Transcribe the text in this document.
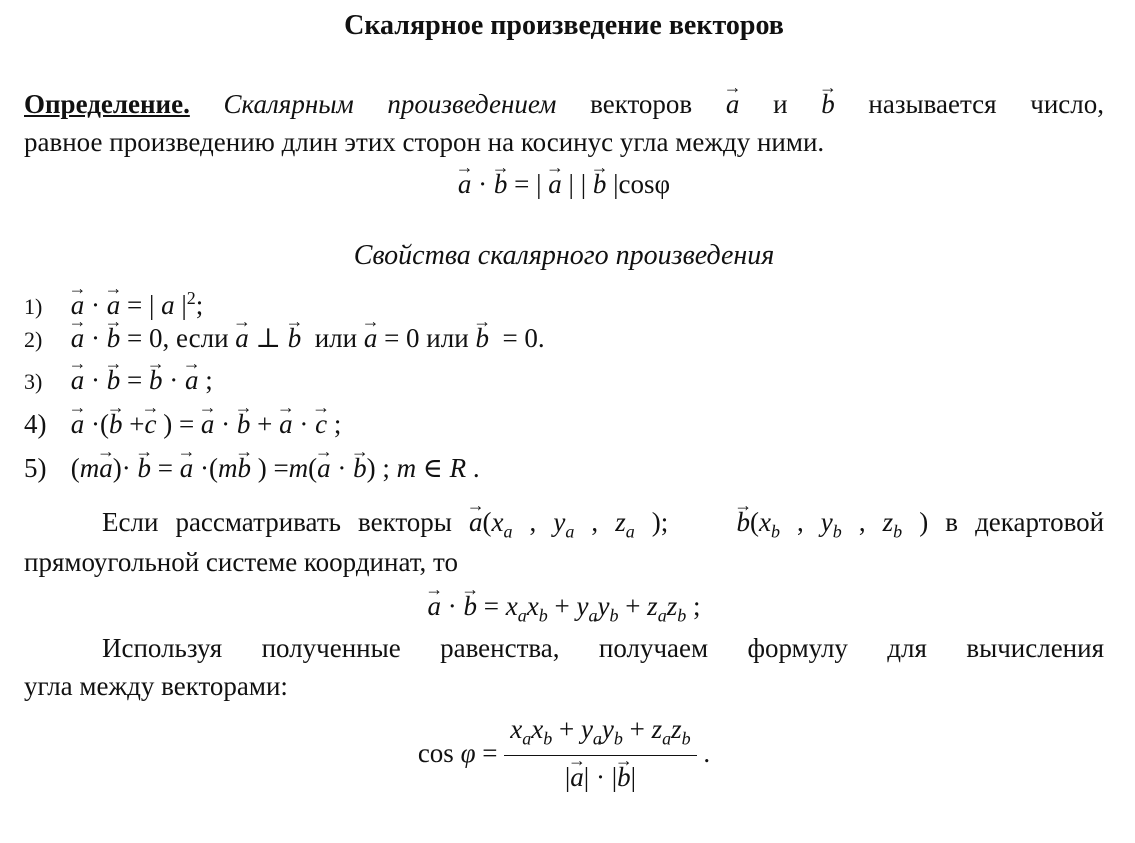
Скалярное произведение векторов
Определение. Скалярным произведением векторов → a и → b называется число,
равное произведению длин этих сторон на косинус угла между ними.
→ a · → b = | → a | | → b |cosφ
Свойства скалярного произведения
1) → a · → a = | a $|^2$;
2) → a · → b = 0, если → a ⊥ → b  или → a = 0 или → b  = 0.
3) → a · → b = → b · → a ;
4) → a ·(→ b +→ c ) = → a · → b + → a · → c ;
5) (m→ a)· → b = → a ·(m→ b ) =m(→ a · → b) ; m ∈ R .
Если рассматривать векторы → $a(x_a$ , $y_a$ , $z_a$ );    → $b(x_b$ , $y_b$ , $z_b$ ) в декартовой
прямоугольной системе координат, то
→ a · → $b = x_ax_b + y_ay_b + z_az_b$ ;
Используя полученные равенства, получаем формулу для вычисления
угла между векторами:
$\cos \varphi = \frac{x_ax_b + y_ay_b + z_az_b}{|\to a| \cdot |\to b|}$ .
